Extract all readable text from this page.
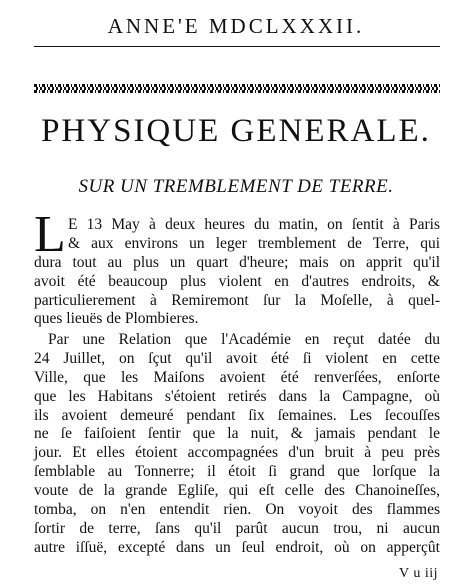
ANNE'E MDCLXXXII.
PHYSIQUE GENERALE.
SUR UN TREMBLEMENT DE TERRE.
L E 13 May à deux heures du matin, on ſentit à Paris
& aux environs un leger tremblement de Terre, qui
dura tout au plus un quart d'heure; mais on apprit qu'il
avoit été beaucoup plus violent en d'autres endroits, &
particulierement à Remiremont ſur la Moſelle, à quel-
ques lieuës de Plombieres.
Par une Relation que l'Académie en reçut datée du
24 Juillet, on ſçut qu'il avoit été ſi violent en cette
Ville, que les Maiſons avoient été renverſées, enſorte
que les Habitans s'étoient retirés dans la Campagne, où
ils avoient demeuré pendant ſix ſemaines. Les ſecouſſes
ne ſe faiſoient ſentir que la nuit, & jamais pendant le
jour. Et elles étoient accompagnées d'un bruit à peu près
ſemblable au Tonnerre; il étoit ſi grand que lorſque la
voute de la grande Egliſe, qui eſt celle des Chanoineſſes,
tomba, on n'en entendit rien. On voyoit des flammes
ſortir de terre, ſans qu'il parût aucun trou, ni aucun
autre iſſuë, excepté dans un ſeul endroit, où on apperçût
V u iij
